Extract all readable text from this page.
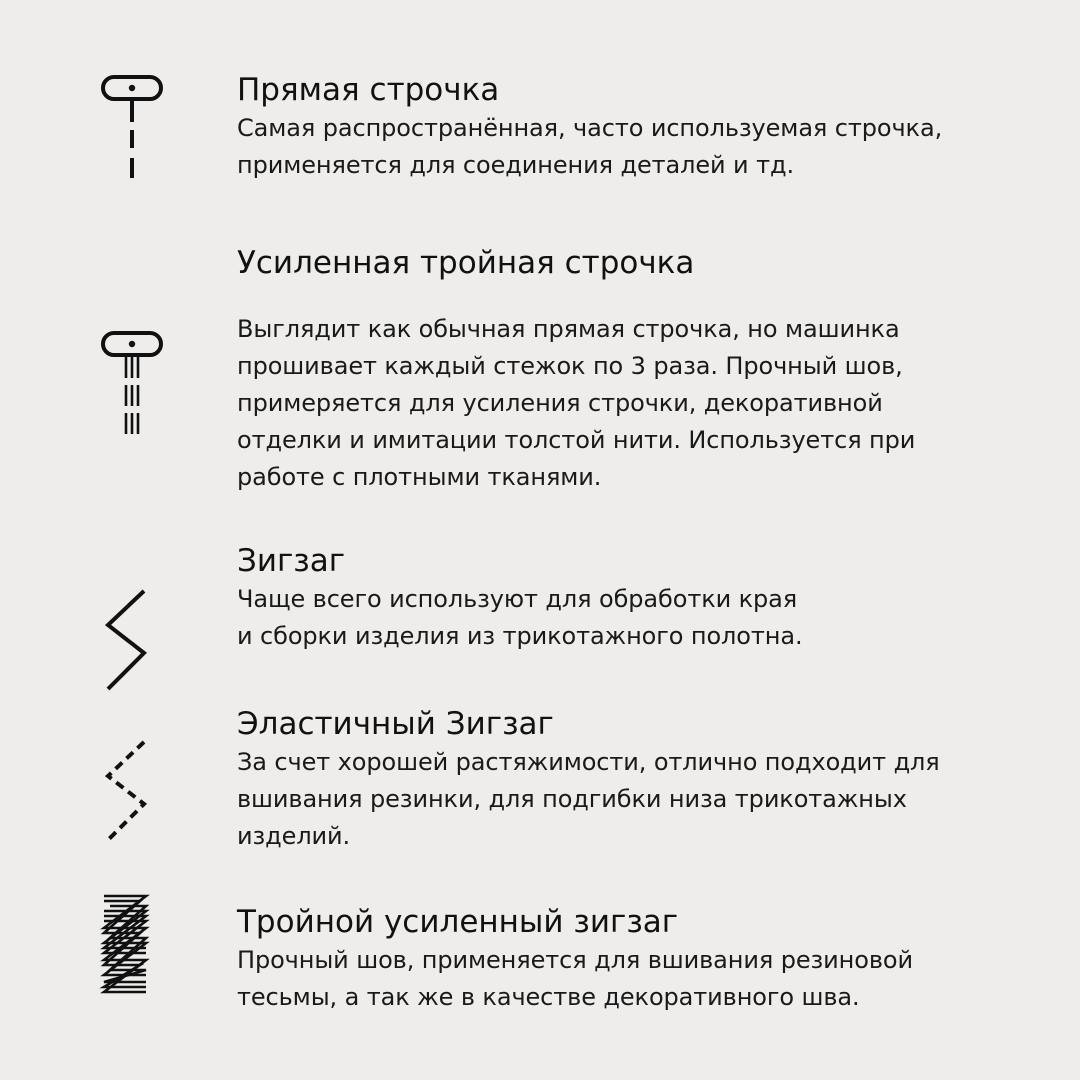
Прямая строчка
Самая распространённая, часто используемая строчка,
применяется для соединения деталей и тд.
Усиленная тройная строчка
Выглядит как обычная прямая строчка, но машинка
прошивает каждый стежок по 3 раза. Прочный шов,
примеряется для усиления строчки, декоративной
отделки и имитации толстой нити. Используется при
работе с плотными тканями.
Зигзаг
Чаще всего используют для обработки края
и сборки изделия из трикотажного полотна.
Эластичный Зигзаг
За счет хорошей растяжимости, отлично подходит для
вшивания резинки, для подгибки низа трикотажных
изделий.
Тройной усиленный зигзаг
Прочный шов, применяется для вшивания резиновой
тесьмы, а так же в качестве декоративного шва.
